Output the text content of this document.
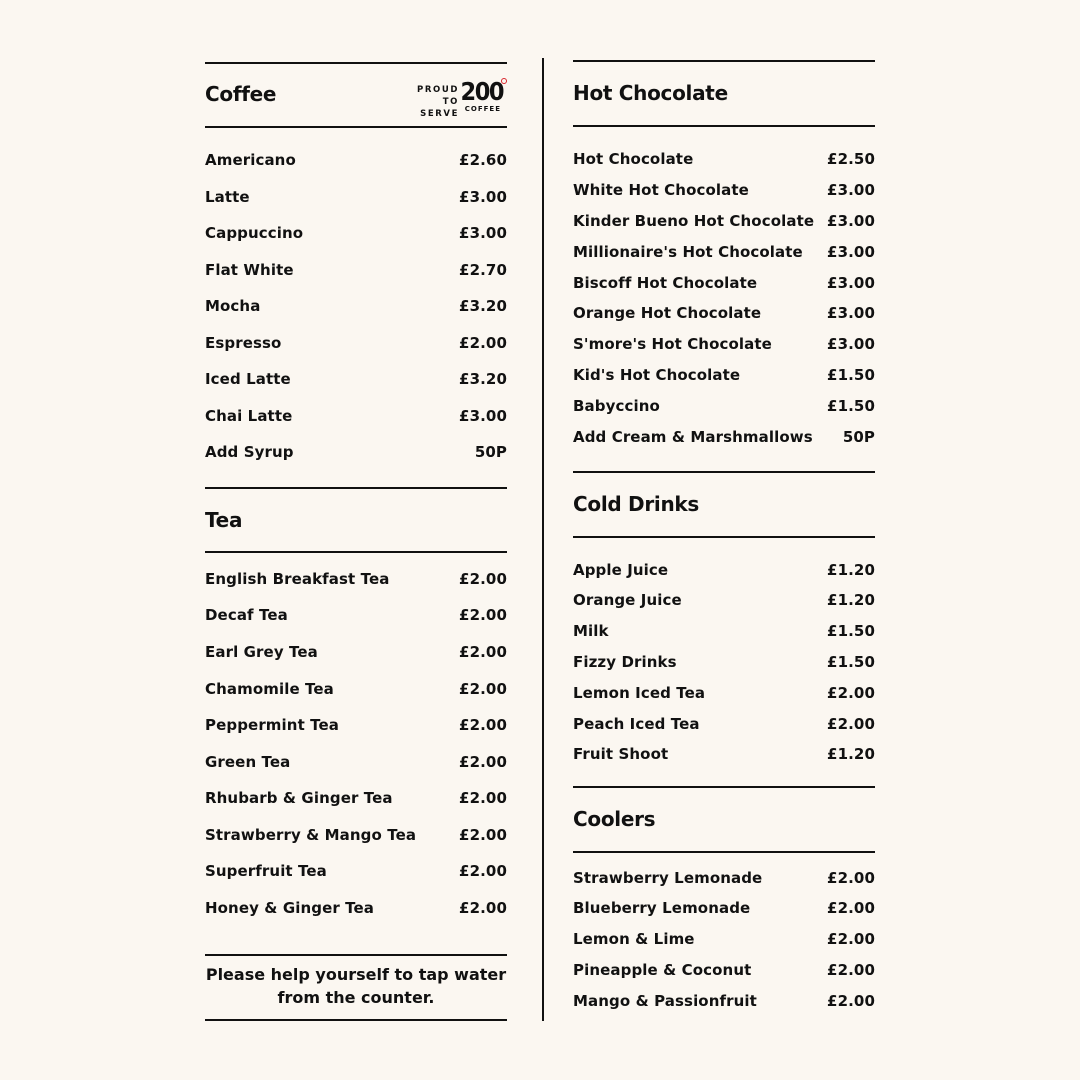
Coffee	PROUD TO
SERVE
200
COFFEE
Americano	£2.60
Latte	£3.00
Cappuccino	£3.00
Flat White	£2.70
Mocha	£3.20
Espresso	£2.00
Iced Latte	£3.20
Chai Latte	£3.00
Add Syrup	50P
Tea
English Breakfast Tea	£2.00
Decaf Tea	£2.00
Earl Grey Tea	£2.00
Chamomile Tea	£2.00
Peppermint Tea	£2.00
Green Tea	£2.00
Rhubarb & Ginger Tea	£2.00
Strawberry & Mango Tea	£2.00
Superfruit Tea	£2.00
Honey & Ginger Tea	£2.00
Please help yourself to tap water
from the counter.
Hot Chocolate
Hot Chocolate	£2.50
White Hot Chocolate	£3.00
Kinder Bueno Hot Chocolate £3.00
Millionaire's Hot Chocolate £3.00
Biscoff Hot Chocolate	£3.00
Orange Hot Chocolate	£3.00
S'more's Hot Chocolate	£3.00
Kid's Hot Chocolate	£1.50
Babyccino	£1.50
Add Cream & Marshmallows 50P
Cold Drinks
Apple Juice	£1.20
Orange Juice	£1.20
Milk	£1.50
Fizzy Drinks	£1.50
Lemon Iced Tea	£2.00
Peach Iced Tea	£2.00
Fruit Shoot	£1.20
Coolers
Strawberry Lemonade	£2.00
Blueberry Lemonade	£2.00
Lemon & Lime	£2.00
Pineapple & Coconut	£2.00
Mango & Passionfruit	£2.00
